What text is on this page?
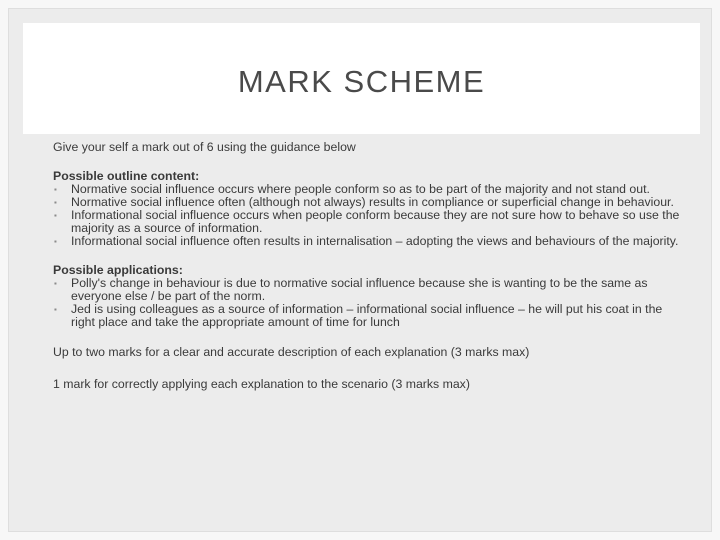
MARK SCHEME

Give your self a mark out of 6 using the guidance below

Possible outline content:

▪ Normative social influence occurs where people conform so as to be part of the majority and not stand out.
▪ Normative social influence often (although not always) results in compliance or superficial change in behaviour.
▪ Informational social influence occurs when people conform because they are not sure how to behave so use the majority as a source of information.
▪ Informational social influence often results in internalisation – adopting the views and behaviours of the majority.

Possible applications:

▪ Polly's change in behaviour is due to normative social influence because she is wanting to be the same as everyone else / be part of the norm.
▪ Jed is using colleagues as a source of information – informational social influence – he will put his coat in the right place and take the appropriate amount of time for lunch

Up to two marks for a clear and accurate description of each explanation (3 marks max)

1 mark for correctly applying each explanation to the scenario (3 marks max)
